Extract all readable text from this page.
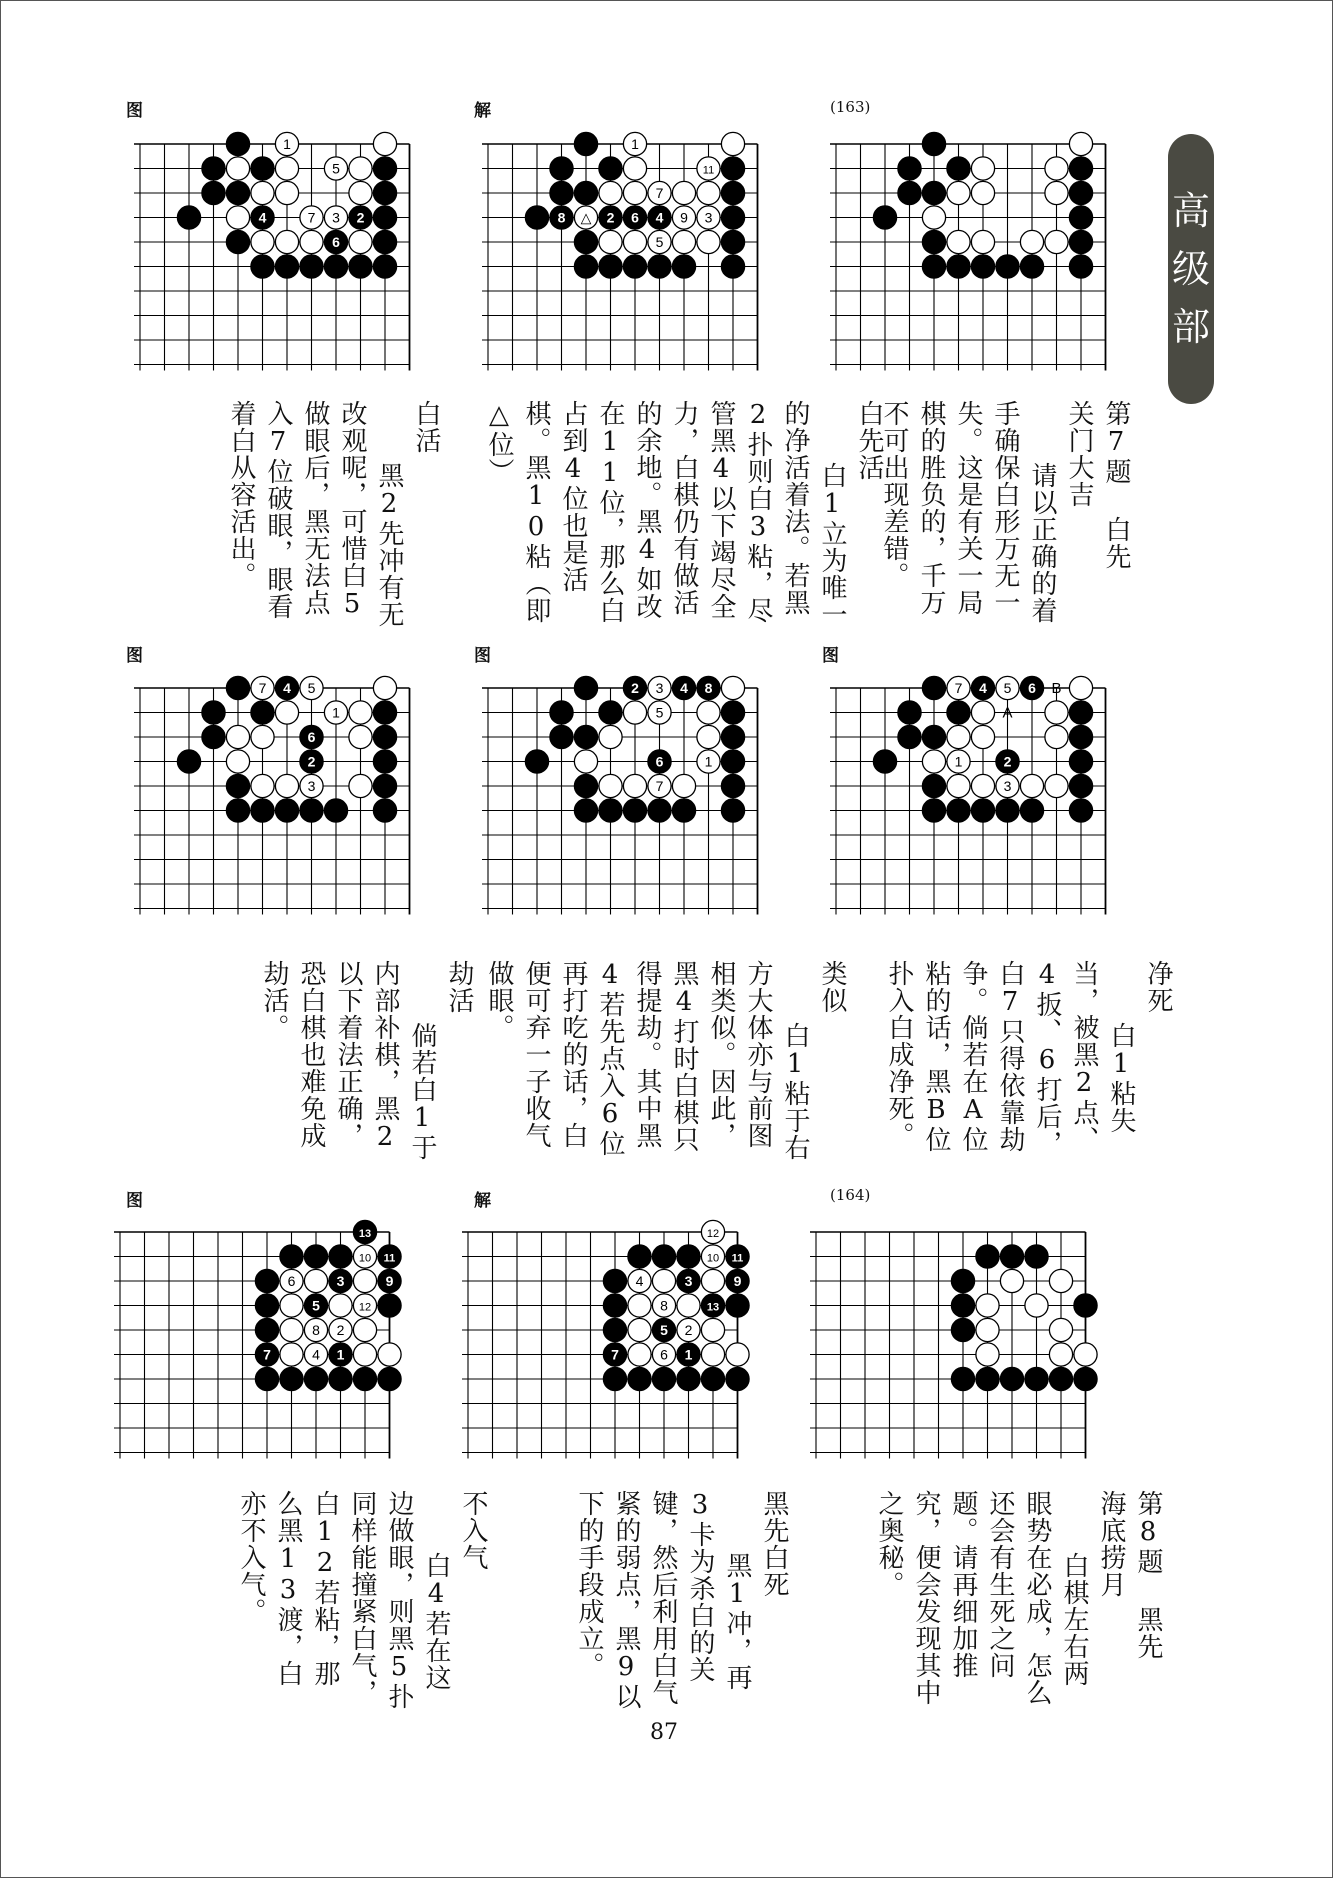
高
级
部
(163)
(164)
图	解
图	图	图
图	解
1
5
4	7 3 2
6
1
11
7
8 △ 2 6 4 9 3
5
7 4 5
1
6
2
3
2 3 4 8
5
6	1
7
B
A
7 4 5 6
1	2
3
13
10 11
6	3	9
5	12
8 2
7	4 1
12
10 11
4	3	9
8	13
5 2
7	6 1
第7题 白先
关门大吉
请以正确的着手确保白形万无一失。这是有关一局棋的胜负的，千万不可出现差错。
白先活
白1立为唯一的净活着法。若黑2扑则白3粘，尽管黑4以下竭尽全力，白棋仍有做活的余地。黑4如改在11位，那么白占到4位也是活棋。黑10粘（即△位）
白活
黑2先冲有无改观呢，可惜白5做眼后，黑无法点入7位破眼，眼看着白从容活出。
净死
白1粘失当，被黑2点、4扳、6打后，白7只得依靠劫争。倘若在A位粘的话，黑B位扑入白成净死。
类似
白1粘于右方大体亦与前图相类似。因此，黑4打时白棋只得提劫。其中黑4若先点入6位再打吃的话，白便可弃一子收气做眼。
劫活
倘若白1于内部补棋，黑2以下着法正确，恐白棋也难免成劫活。
第8题 黑先
海底捞月
白棋左右两眼势在必成，怎么还会有生死之问题。请再细加推究，便会发现其中之奥秘。
黑先白死
黑1冲，再3卡为杀白的关键，然后利用白气紧的弱点，黑9以下的手段成立。
不入气
白4若在这边做眼，则黑5扑同样能撞紧白气，白12若粘，那么黑13渡，白亦不入气。
87
